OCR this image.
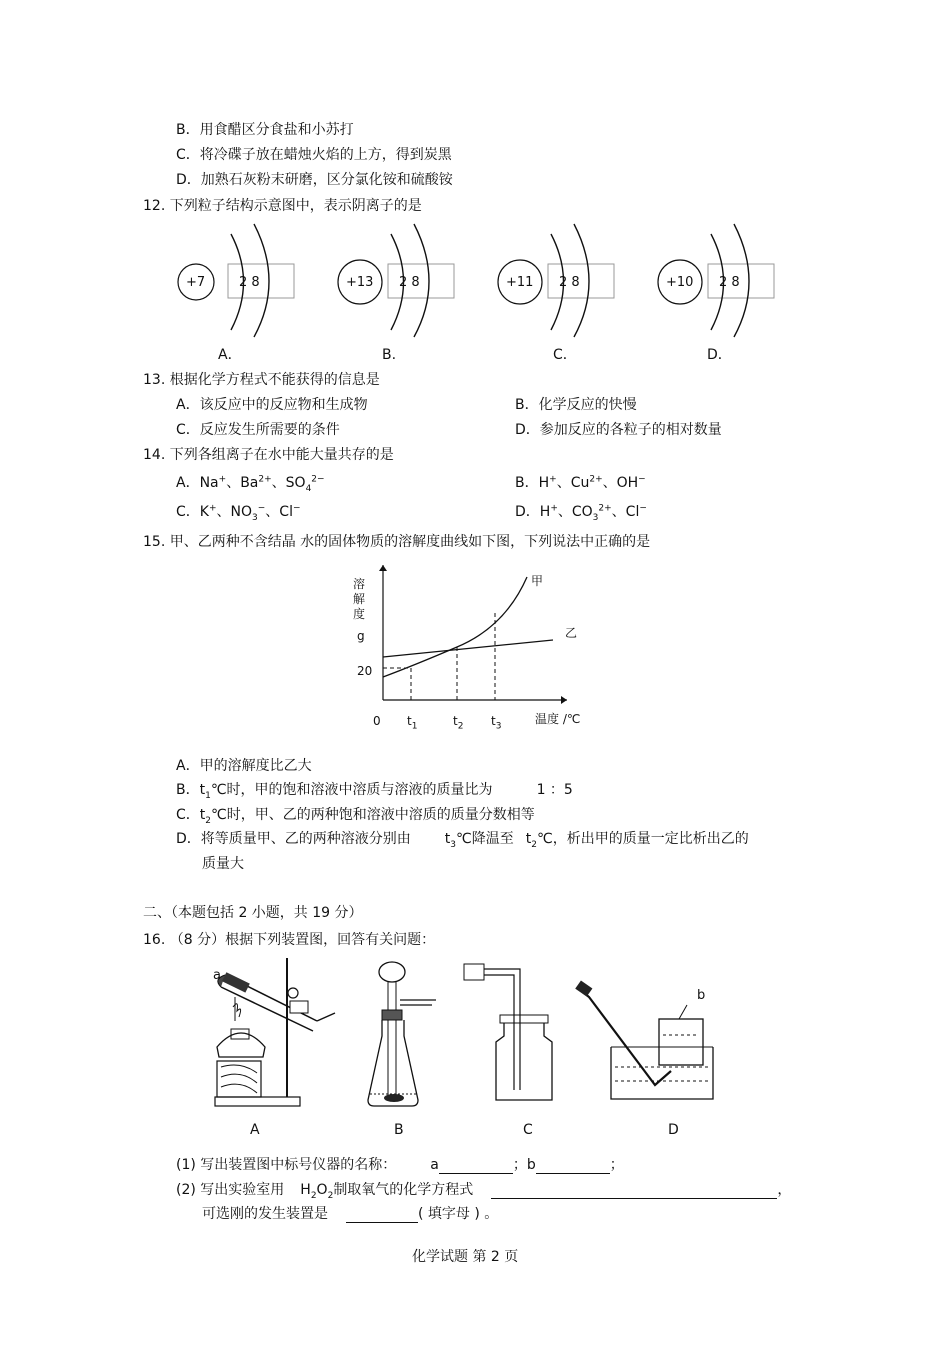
B．用食醋区分食盐和小苏打
C．将冷碟子放在蜡烛火焰的上方，得到炭黑
D．加熟石灰粉末研磨，区分氯化铵和硫酸铵
12. 下列粒子结构示意图中，表示阴离子的是
+7	2 8	+13 2 8	+11 2 8	+10 2 8
A．	B.	C．	D．
13. 根据化学方程式不能获得的信息是
A．该反应中的反应物和生成物	B．化学反应的快慢
C．反应发生所需要的条件	D．参加反应的各粒子的相对数量
14. 下列各组离子在水中能大量共存的是
A．Na+、$Ba^{2+}$、$SO_4^{2-}$	B．H+、$Cu^{2+}$、OH−
C．K+、$NO_3^-$、Cl−	D．H+、$CO_3^{2+}$、Cl−
15. 甲、乙两种不含结晶 水的固体物质的溶解度曲线如下图，下列说法中正确的是
溶
解
度
g
20
0 $t_1$	$t_2$ $t_3$
温度 /℃
甲
乙
A．甲的溶解度比乙大
B．$t_1℃$时，甲的饱和溶液中溶质与溶液的质量比为	1 ：5
C．$t_2℃$时，甲、乙的两种饱和溶液中溶质的质量分数相等
D．将等质量甲、乙的两种溶液分别由 $t_3℃$降温至 $t_2℃$，析出甲的质量一定比析出乙的
质量大
二、（本题包括 2 小题，共 19 分）
16. （8 分）根据下列装置图，回答有关问题：
a
b
A	B	C	D
(1) 写出装置图中标号仪器的名称： a	；b	；
(2) 写出实验室用 $H_2O_2$制取氧气的化学方程式	，
可选刚的发生装置是	( 填字母 ) 。
化学试题 第 2 页
